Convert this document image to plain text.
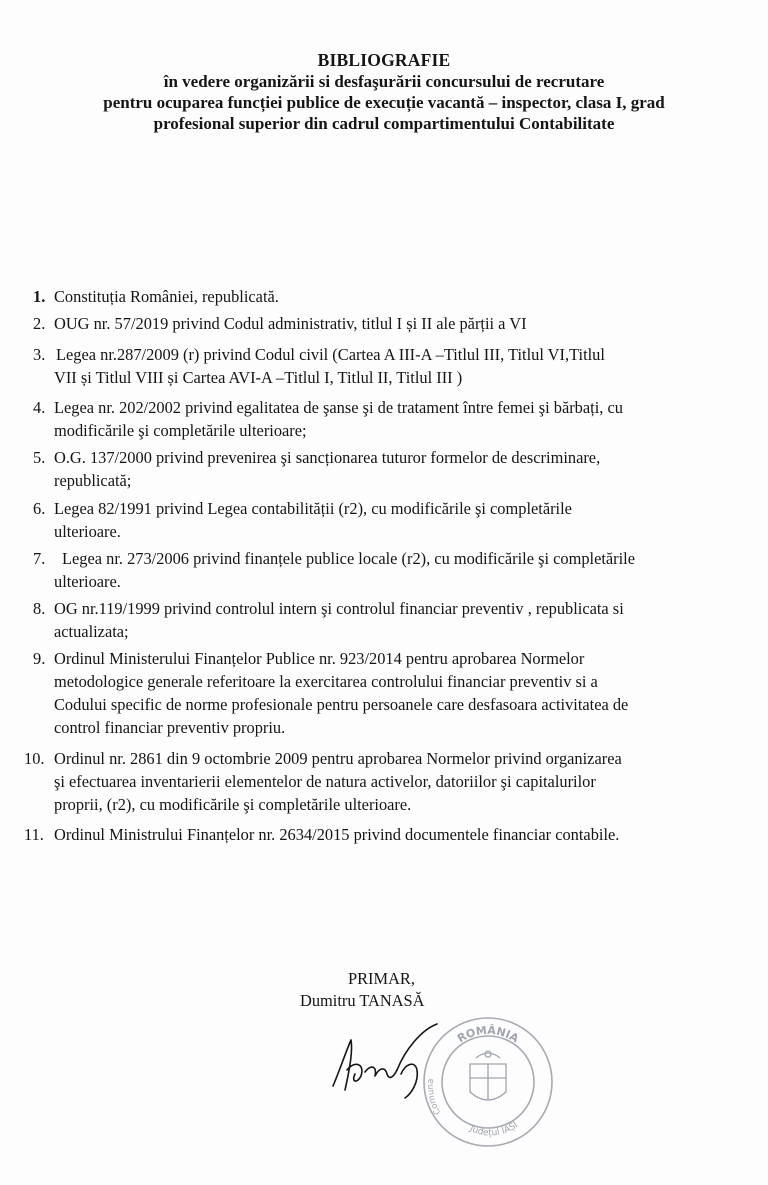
BIBLIOGRAFIE
în vedere organizării si desfaşurării concursului de recrutare
pentru ocuparea funcției publice de execuție vacantă – inspector, clasa I, grad
profesional superior din cadrul compartimentului Contabilitate
1. Constituția României, republicată.
2. OUG nr. 57/2019 privind Codul administrativ, titlul I și II ale părții a VI
3. Legea nr.287/2009 (r) privind Codul civil (Cartea A III-A –Titlul III, Titlul VI,Titlul
VII și Titlul VIII și Cartea AVI-A –Titlul I, Titlul II, Titlul III )
4. Legea nr. 202/2002 privind egalitatea de şanse şi de tratament între femei şi bărbați, cu
modificările şi completările ulterioare;
5. O.G. 137/2000 privind prevenirea şi sancționarea tuturor formelor de descriminare,
republicată;
6. Legea 82/1991 privind Legea contabilității (r2), cu modificările şi completările
ulterioare.
7. Legea nr. 273/2006 privind finanțele publice locale (r2), cu modificările şi completările
ulterioare.
8. OG nr.119/1999 privind controlul intern şi controlul financiar preventiv , republicata si
actualizata;
9. Ordinul Ministerului Finanțelor Publice nr. 923/2014 pentru aprobarea Normelor
metodologice generale referitoare la exercitarea controlului financiar preventiv si a
Codului specific de norme profesionale pentru persoanele care desfasoara activitatea de
control financiar preventiv propriu.
10. Ordinul nr. 2861 din 9 octombrie 2009 pentru aprobarea Normelor privind organizarea
şi efectuarea inventarierii elementelor de natura activelor, datoriilor şi capitalurilor
proprii, (r2), cu modificările şi completările ulterioare.
11. Ordinul Ministrului Finanțelor nr. 2634/2015 privind documentele financiar contabile.
PRIMAR,
Dumitru TANASĂ
ROMÂNIA
Comuna
Județul IAȘI
